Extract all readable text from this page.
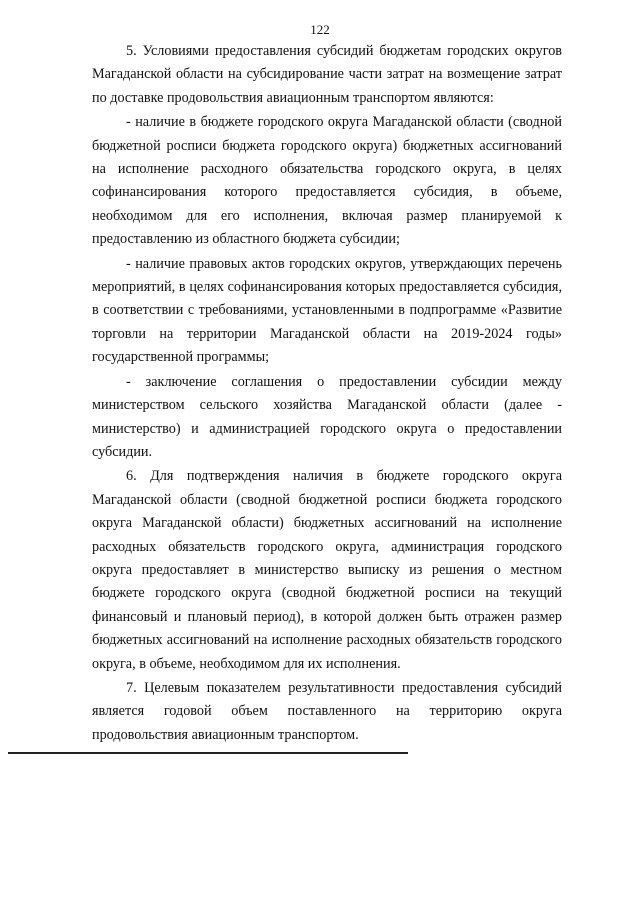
122

5. Условиями предоставления субсидий бюджетам городских округов Магаданской области на субсидирование части затрат на возмещение затрат по доставке продовольствия авиационным транспортом являются:

- наличие в бюджете городского округа Магаданской области (сводной бюджетной росписи бюджета городского округа) бюджетных ассигнований на исполнение расходного обязательства городского округа, в целях софинансирования которого предоставляется субсидия, в объеме, необходимом для его исполнения, включая размер планируемой к предоставлению из областного бюджета субсидии;

- наличие правовых актов городских округов, утверждающих перечень мероприятий, в целях софинансирования которых предоставляется субсидия, в соответствии с требованиями, установленными в подпрограмме «Развитие торговли на территории Магаданской области на 2019-2024 годы» государственной программы;

- заключение соглашения о предоставлении субсидии между министерством сельского хозяйства Магаданской области (далее - министерство) и администрацией городского округа о предоставлении субсидии.

6. Для подтверждения наличия в бюджете городского округа Магаданской области (сводной бюджетной росписи бюджета городского округа Магаданской области) бюджетных ассигнований на исполнение расходных обязательств городского округа, администрация городского округа предоставляет в министерство выписку из решения о местном бюджете городского округа (сводной бюджетной росписи на текущий финансовый и плановый период), в которой должен быть отражен размер бюджетных ассигнований на исполнение расходных обязательств городского округа, в объеме, необходимом для их исполнения.

7. Целевым показателем результативности предоставления субсидий является годовой объем поставленного на территорию округа продовольствия авиационным транспортом.
